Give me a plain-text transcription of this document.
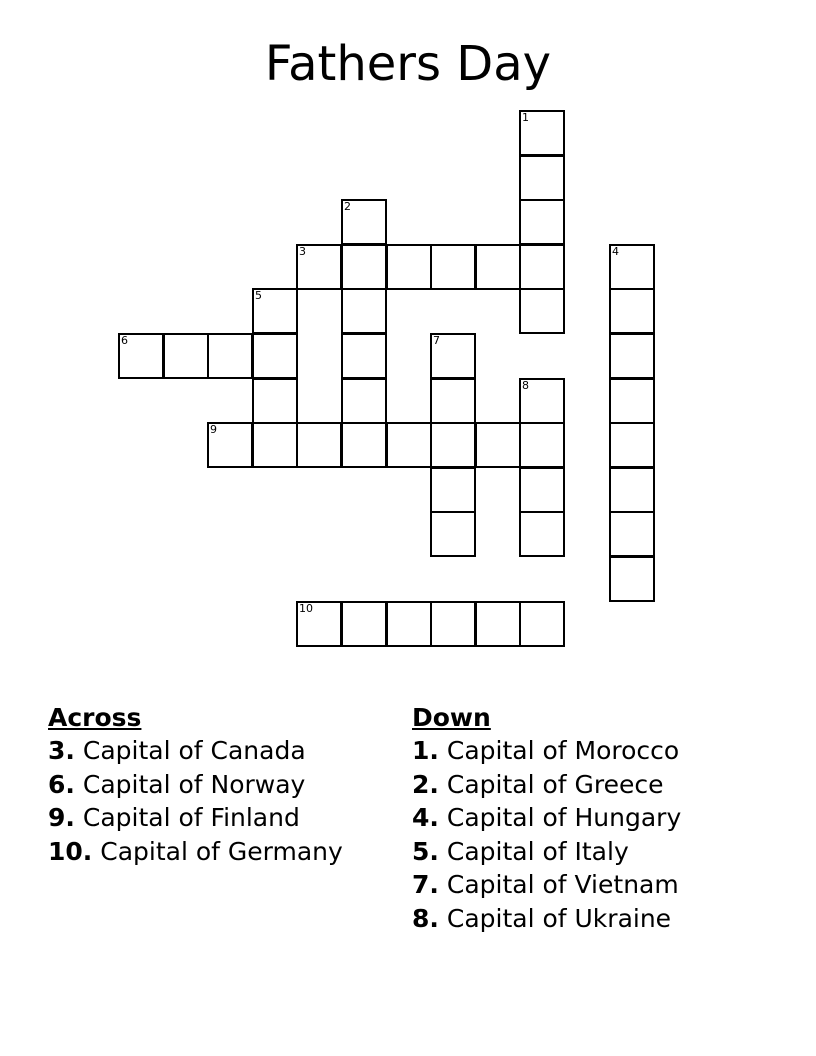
Fathers Day
1
2
3	4
5
6	7
8
9
10
Across
3. Capital of Canada
6. Capital of Norway
9. Capital of Finland
10. Capital of Germany
Down
1. Capital of Morocco
2. Capital of Greece
4. Capital of Hungary
5. Capital of Italy
7. Capital of Vietnam
8. Capital of Ukraine
